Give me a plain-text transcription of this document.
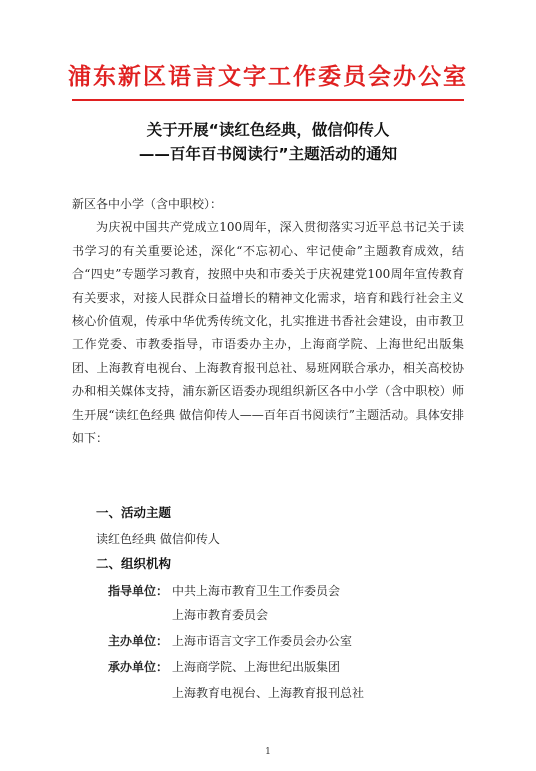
浦东新区语言文字工作委员会办公室
关于开展“读红色经典，做信仰传人
——百年百书阅读行”主题活动的通知

新区各中小学（含中职校）：

为庆祝中国共产党成立100周年，深入贯彻落实习近平总书记关于读书学习的有关重要论述，深化“不忘初心、牢记使命”主题教育成效，结合“四史”专题学习教育，按照中央和市委关于庆祝建党100周年宣传教育有关要求，对接人民群众日益增长的精神文化需求，培育和践行社会主义核心价值观，传承中华优秀传统文化，扎实推进书香社会建设，由市教卫工作党委、市教委指导，市语委办主办，上海商学院、上海世纪出版集团、上海教育电视台、上海教育报刊总社、易班网联合承办，相关高校协办和相关媒体支持，浦东新区语委办现组织新区各中小学（含中职校）师生开展“读红色经典 做信仰传人——百年百书阅读行”主题活动。具体安排如下：

一、活动主题
读红色经典 做信仰传人
二、组织机构
指导单位： 中共上海市教育卫生工作委员会
上海市教育委员会
主办单位： 上海市语言文字工作委员会办公室
承办单位： 上海商学院、上海世纪出版集团
上海教育电视台、上海教育报刊总社
1
